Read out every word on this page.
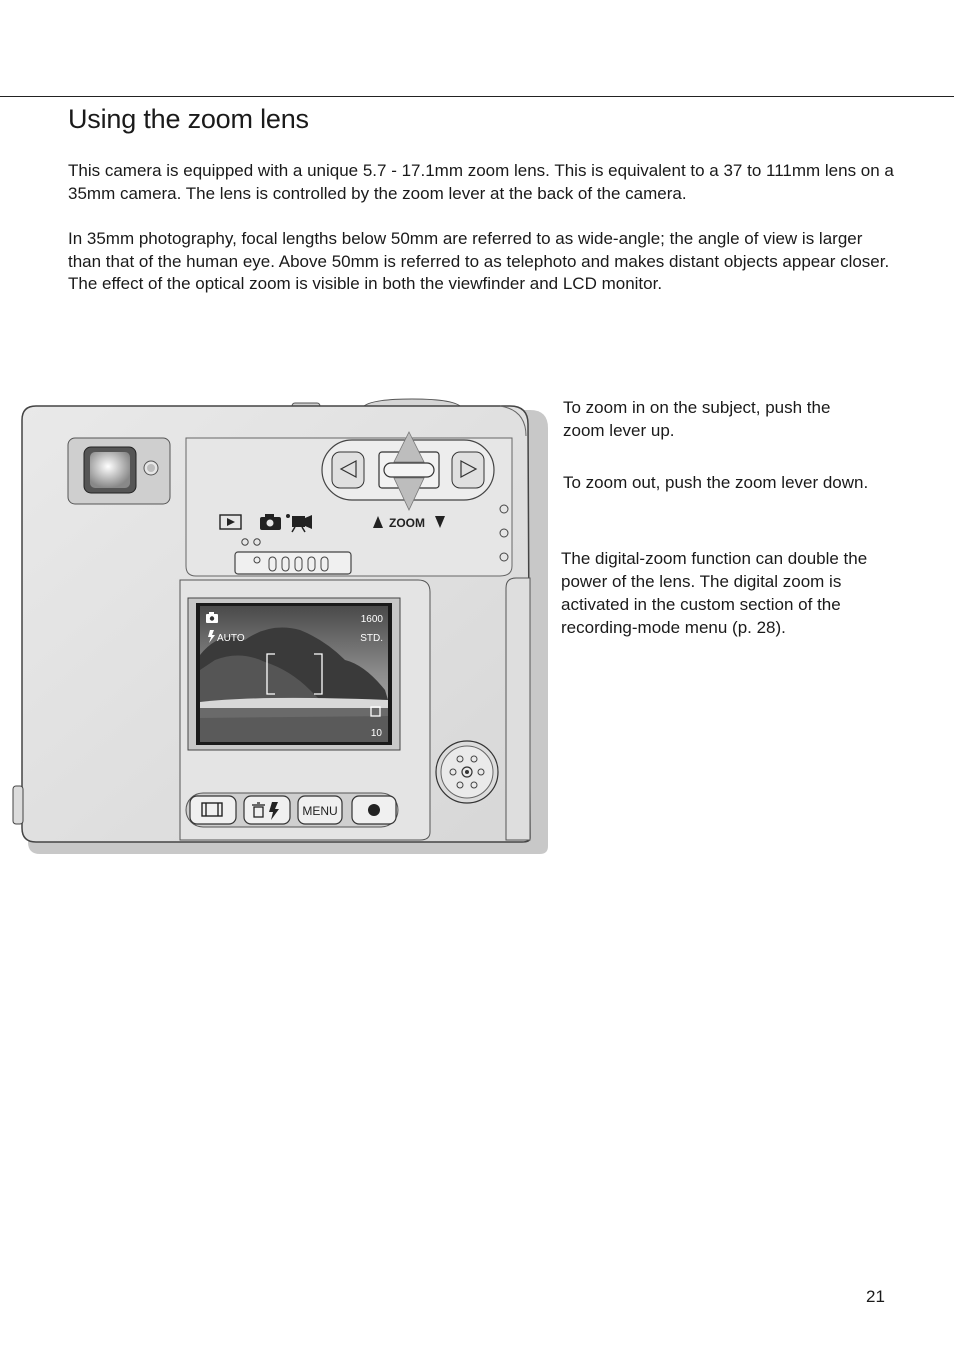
Using the zoom lens

This camera is equipped with a unique 5.7 - 17.1mm zoom lens. This is equivalent to a 37 to 111mm lens on a 35mm camera. The lens is controlled by the zoom lever at the back of the camera.

In 35mm photography, focal lengths below 50mm are referred to as wide-angle; the angle of view is larger than that of the human eye. Above 50mm is referred to as telephoto and makes distant objects appear closer. The effect of the optical zoom is visible in both the viewfinder and LCD monitor.

ZOOM
AUTO
1600
STD.
10
MENU

To zoom in on the subject, push the zoom lever up.

To zoom out, push the zoom lever down.

The digital-zoom function can double the power of the lens. The digital zoom is activated in the custom section of the recording-mode menu (p. 28).

21
